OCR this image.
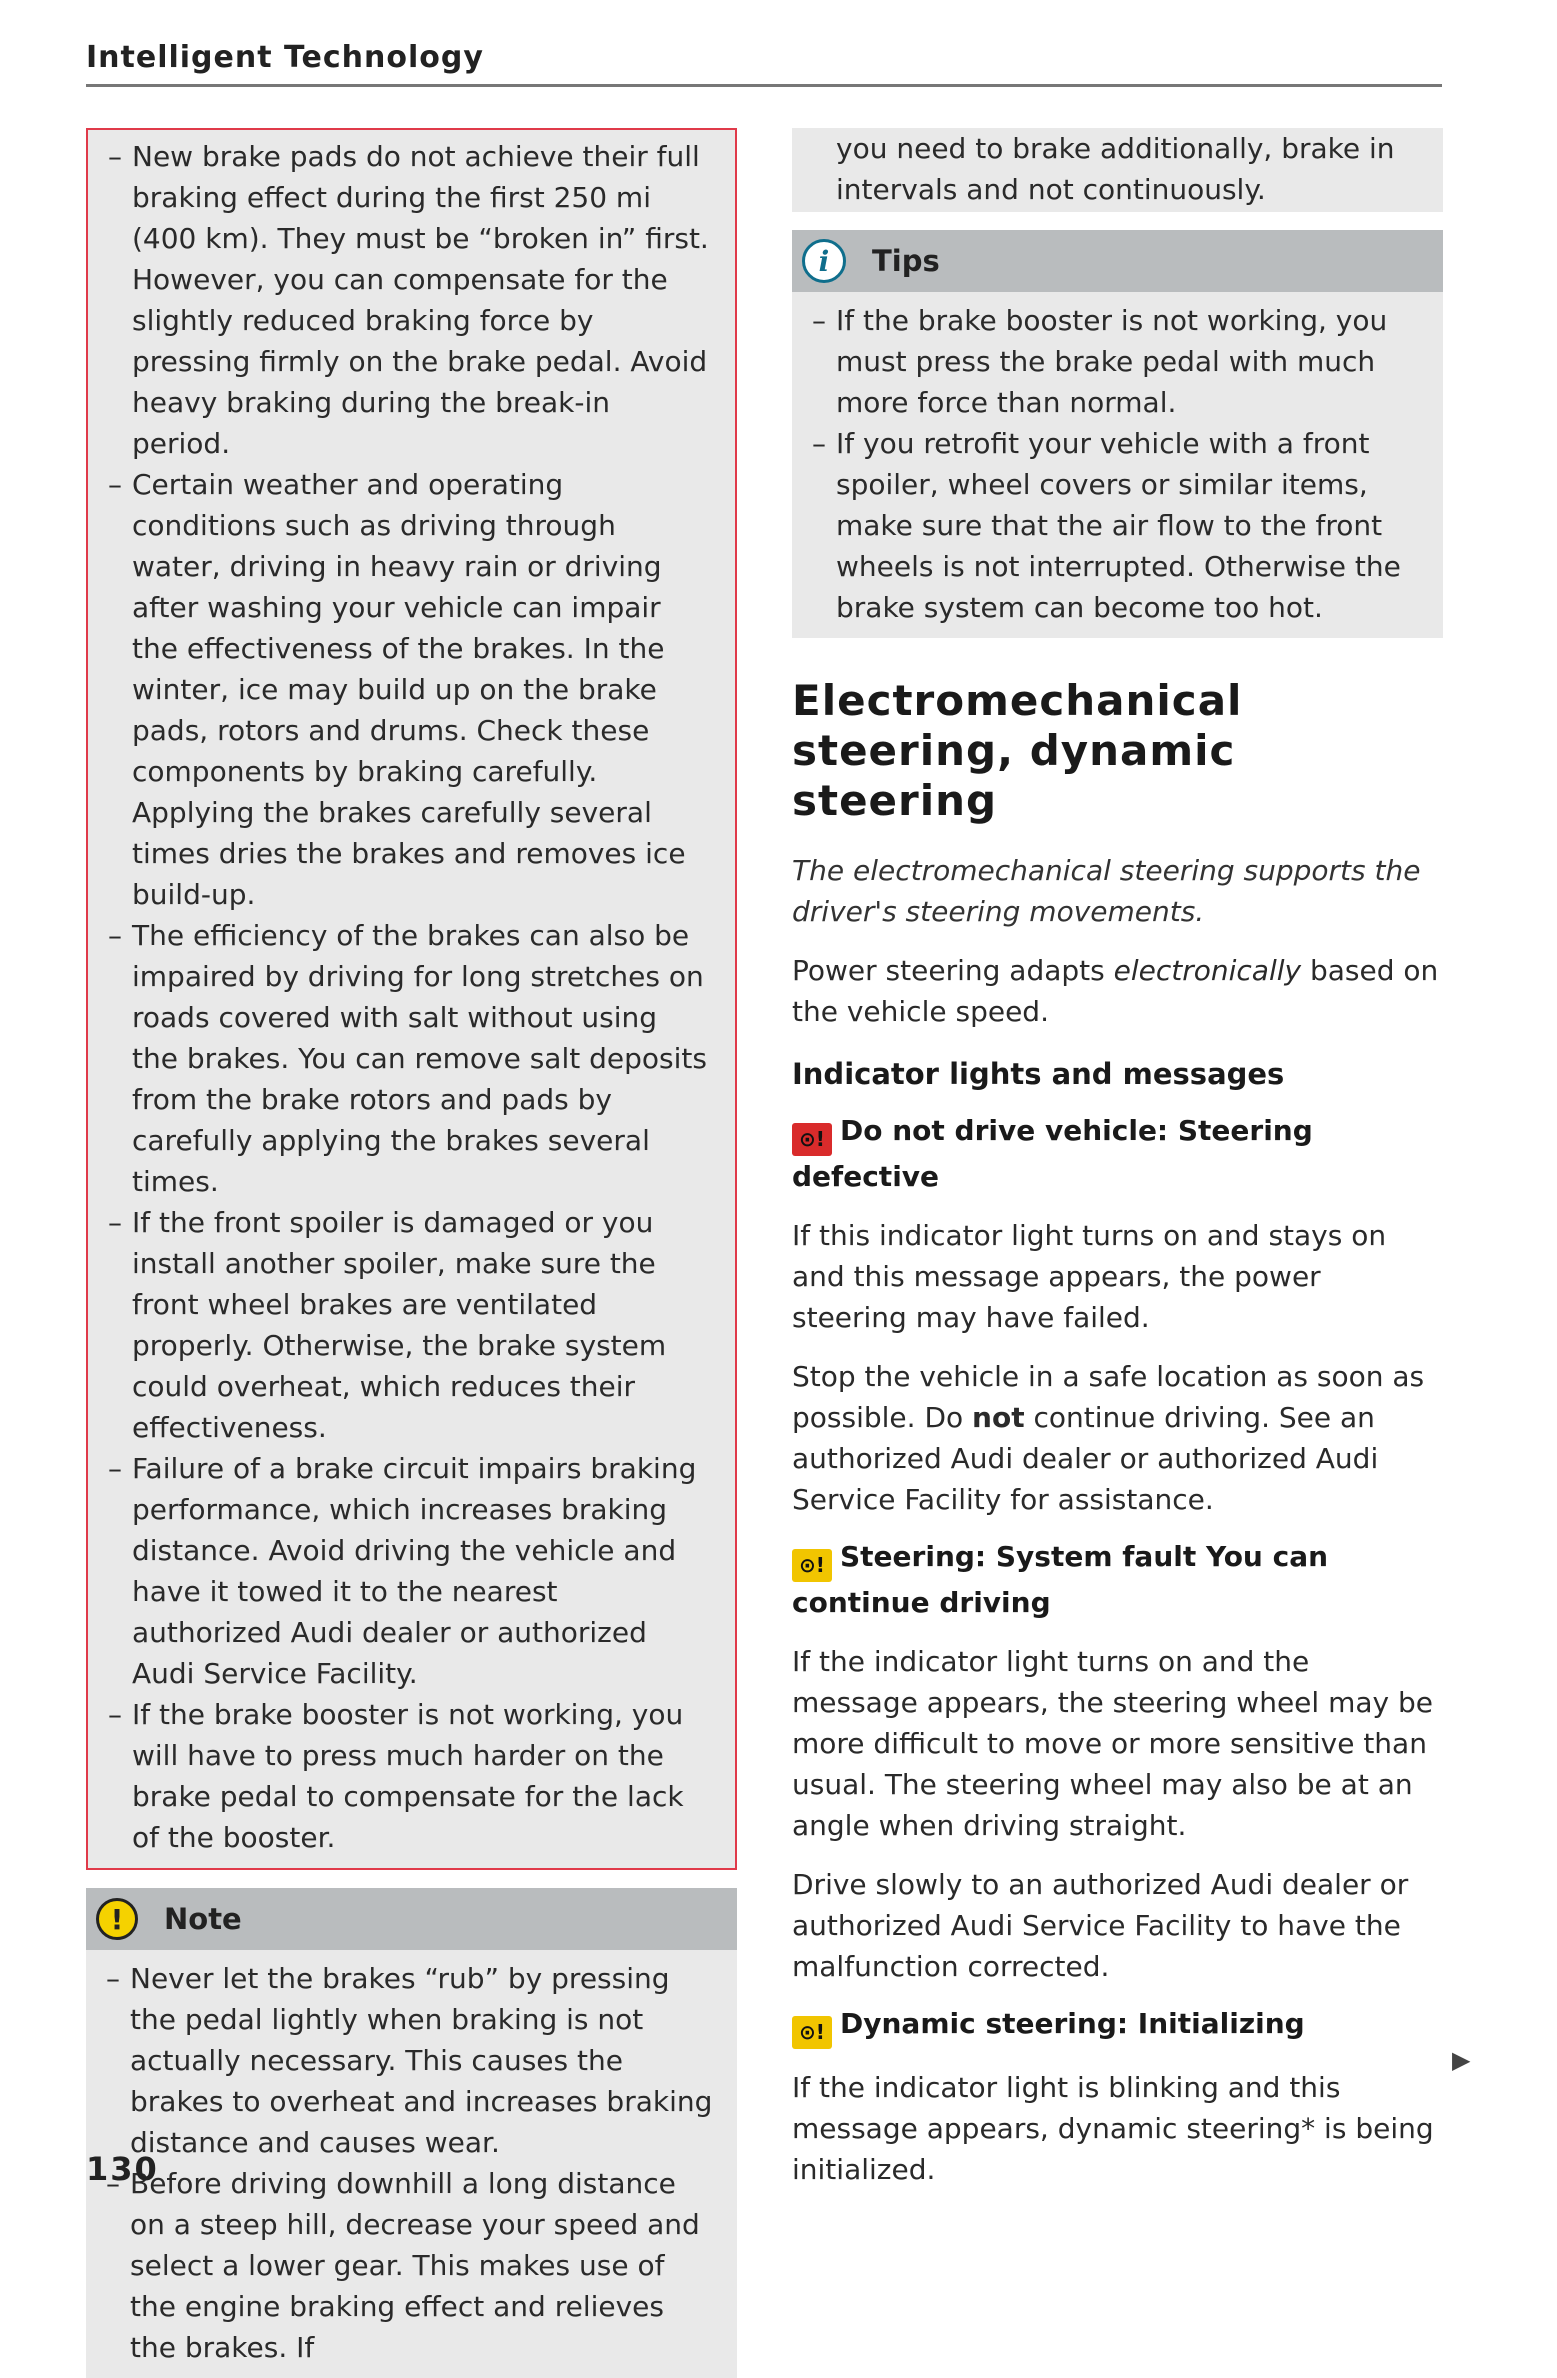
Intelligent Technology
– New brake pads do not achieve their full braking effect during the first 250 mi (400 km). They must be “broken in” first. However, you can compensate for the slightly reduced braking force by pressing firmly on the brake pedal. Avoid heavy braking during the break-in period.
– Certain weather and operating conditions such as driving through water, driving in heavy rain or driving after washing your vehicle can impair the effectiveness of the brakes. In the winter, ice may build up on the brake pads, rotors and drums. Check these components by braking carefully. Applying the brakes carefully several times dries the brakes and removes ice build-up.
– The efficiency of the brakes can also be impaired by driving for long stretches on roads covered with salt without using the brakes. You can remove salt deposits from the brake rotors and pads by carefully applying the brakes several times.
– If the front spoiler is damaged or you install another spoiler, make sure the front wheel brakes are ventilated properly. Otherwise, the brake system could overheat, which reduces their effectiveness.
– Failure of a brake circuit impairs braking performance, which increases braking distance. Avoid driving the vehicle and have it towed it to the nearest authorized Audi dealer or authorized Audi Service Facility.
– If the brake booster is not working, you will have to press much harder on the brake pedal to compensate for the lack of the booster.
!	Note
– Never let the brakes “rub” by pressing the pedal lightly when braking is not actually necessary. This causes the brakes to overheat and increases braking distance and causes wear.
– Before driving downhill a long distance on a steep hill, decrease your speed and select a lower gear. This makes use of the engine braking effect and relieves the brakes. If
you need to brake additionally, brake in intervals and not continuously.
i	Tips
– If the brake booster is not working, you must press the brake pedal with much more force than normal.
– If you retrofit your vehicle with a front spoiler, wheel covers or similar items, make sure that the air flow to the front wheels is not interrupted. Otherwise the brake system can become too hot.
Electromechanical steering, dynamic steering
The electromechanical steering supports the driver's steering movements.

Power steering adapts electronically based on the vehicle speed.

Indicator lights and messages
⊙! Do not drive vehicle: Steering defective

If this indicator light turns on and stays on and this message appears, the power steering may have failed.

Stop the vehicle in a safe location as soon as possible. Do not continue driving. See an authorized Audi dealer or authorized Audi Service Facility for assistance.

⊙! Steering: System fault You can continue driving

If the indicator light turns on and the message appears, the steering wheel may be more difficult to move or more sensitive than usual. The steering wheel may also be at an angle when driving straight.

Drive slowly to an authorized Audi dealer or authorized Audi Service Facility to have the malfunction corrected.

⊙! Dynamic steering: Initializing

If the indicator light is blinking and this message appears, dynamic steering* is being initialized.

▶
130
